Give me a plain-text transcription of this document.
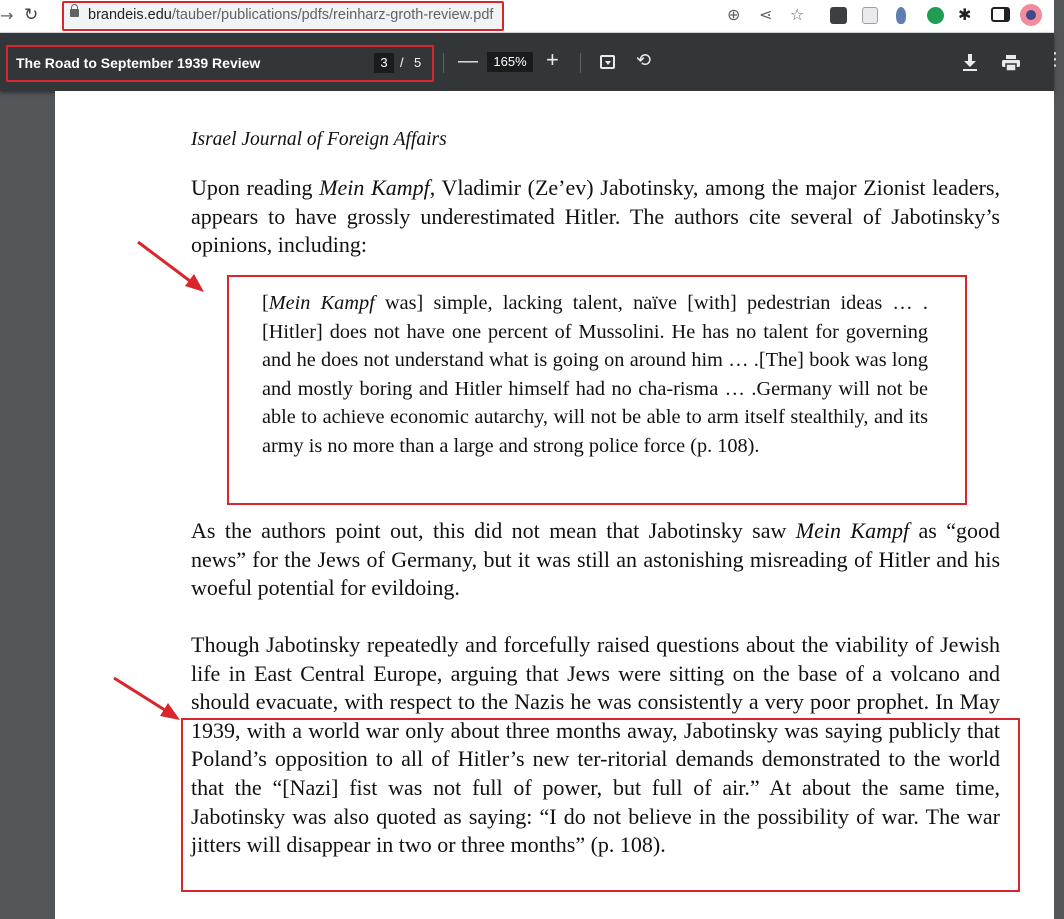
→ ↻	brandeis.edu/tauber/publications/pdfs/reinharz-groth-review.pdf	⊕ ⋖ ☆	✱
The Road to September 1939 Review	3 / 5 —	165% +	⟲	⋮
Israel Journal of Foreign Affairs

Upon reading Mein Kampf, Vladimir (Ze’ev) Jabotinsky, among the major Zionist leaders, appears to have grossly underestimated Hitler. The authors cite several of Jabotinsky’s opinions, including:

[Mein Kampf was] simple, lacking talent, naïve [with] pedestrian ideas … .[Hitler] does not have one percent of Mussolini. He has no talent for governing and he does not understand what is going on around him … .[The] book was long and mostly boring and Hitler himself had no cha-risma … .Germany will not be able to achieve economic autarchy, will not be able to arm itself stealthily, and its army is no more than a large and strong police force (p. 108).

As the authors point out, this did not mean that Jabotinsky saw Mein Kampf as “good news” for the Jews of Germany, but it was still an astonishing misreading of Hitler and his woeful potential for evildoing.

Though Jabotinsky repeatedly and forcefully raised questions about the viability of Jewish life in East Central Europe, arguing that Jews were sitting on the base of a volcano and should evacuate, with respect to the Nazis he was consistently a very poor prophet. In May 1939, with a world war only about three months away, Jabotinsky was saying publicly that Poland’s opposition to all of Hitler’s new ter-ritorial demands demonstrated to the world that the “[Nazi] fist was not full of power, but full of air.” At about the same time, Jabotinsky was also quoted as saying: “I do not believe in the possibility of war. The war jitters will disappear in two or three months” (p. 108).
